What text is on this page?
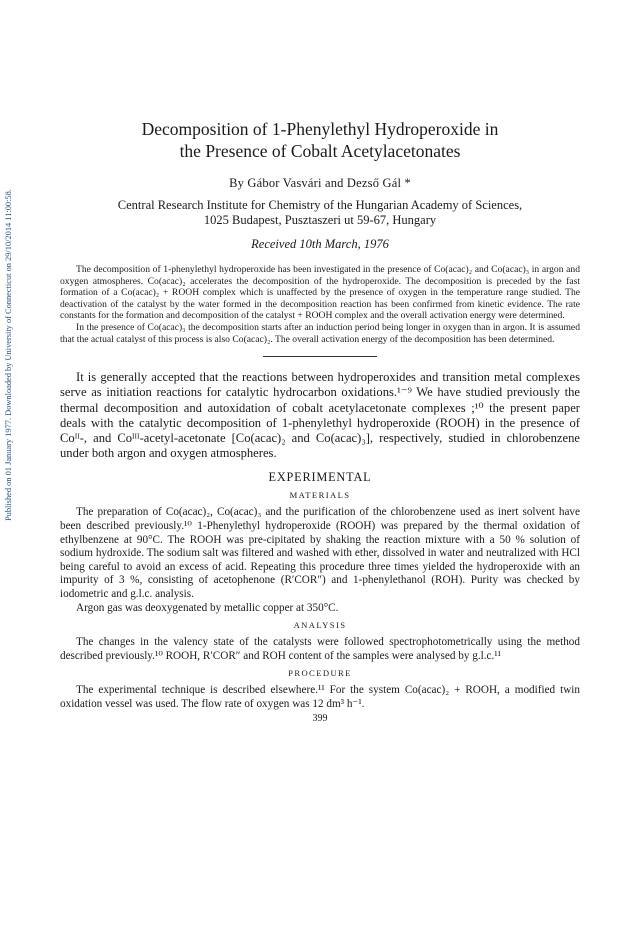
Published on 01 January 1977. Downloaded by University of Connecticut on 29/10/2014 11:00:58.
Decomposition of 1-Phenylethyl Hydroperoxide in
the Presence of Cobalt Acetylacetonates
By Gábor Vasvári and Dezső Gál *
Central Research Institute for Chemistry of the Hungarian Academy of Sciences,
1025 Budapest, Pusztaszeri ut 59-67, Hungary
Received 10th March, 1976

The decomposition of 1-phenylethyl hydroperoxide has been investigated in the presence of Co(acac)₂ and Co(acac)₃ in argon and oxygen atmospheres. Co(acac)₂ accelerates the decomposition of the hydroperoxide. The decomposition is preceded by the fast formation of a Co(acac)₂ + ROOH complex which is unaffected by the presence of oxygen in the temperature range studied. The deactivation of the catalyst by the water formed in the decomposition reaction has been confirmed from kinetic evidence. The rate constants for the formation and decomposition of the catalyst + ROOH complex and the overall activation energy were determined.

In the presence of Co(acac)₃ the decomposition starts after an induction period being longer in oxygen than in argon. It is assumed that the actual catalyst of this process is also Co(acac)₂. The overall activation energy of the decomposition has been determined.

It is generally accepted that the reactions between hydroperoxides and transition metal complexes serve as initiation reactions for catalytic hydrocarbon oxidations.¹⁻⁹ We have studied previously the thermal decomposition and autoxidation of cobalt acetylacetonate complexes ;¹⁰ the present paper deals with the catalytic decomposition of 1-phenylethyl hydroperoxide (ROOH) in the presence of Coᴵᴵ-, and Coᴵᴵᴵ-acetyl-acetonate [Co(acac)₂ and Co(acac)₃], respectively, studied in chlorobenzene under both argon and oxygen atmospheres.

EXPERIMENTAL
MATERIALS

The preparation of Co(acac)₂, Co(acac)₃ and the purification of the chlorobenzene used as inert solvent have been described previously.¹⁰ 1-Phenylethyl hydroperoxide (ROOH) was prepared by the thermal oxidation of ethylbenzene at 90°C. The ROOH was pre-cipitated by shaking the reaction mixture with a 50 % solution of sodium hydroxide. The sodium salt was filtered and washed with ether, dissolved in water and neutralized with HCl being careful to avoid an excess of acid. Repeating this procedure three times yielded the hydroperoxide with an impurity of 3 %, consisting of acetophenone (R′COR″) and 1-phenylethanol (ROH). Purity was checked by iodometric and g.l.c. analysis.

Argon gas was deoxygenated by metallic copper at 350°C.

ANALYSIS

The changes in the valency state of the catalysts were followed spectrophotometrically using the method described previously.¹⁰ ROOH, R′COR″ and ROH content of the samples were analysed by g.l.c.¹¹

PROCEDURE

The experimental technique is described elsewhere.¹¹ For the system Co(acac)₂ + ROOH, a modified twin oxidation vessel was used. The flow rate of oxygen was 12 dm³ h⁻¹.

399
